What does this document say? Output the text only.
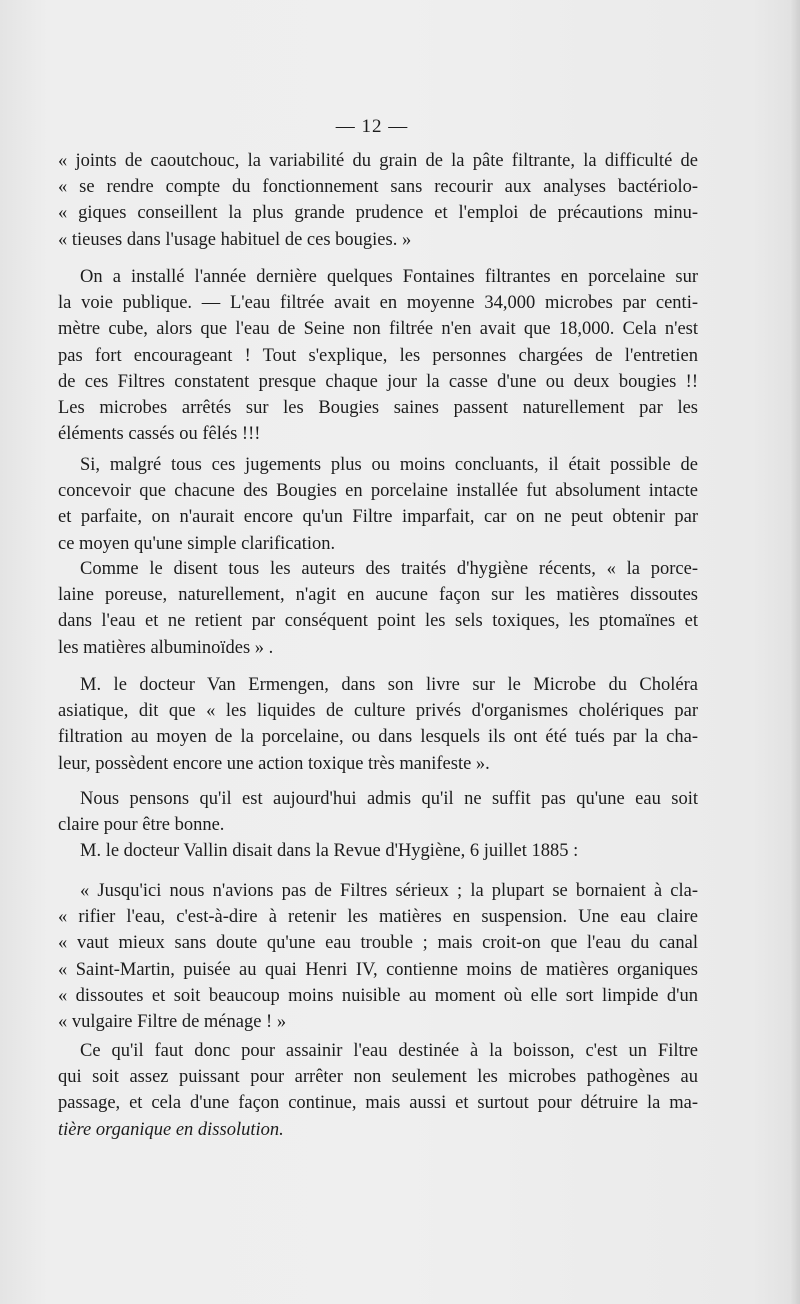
— 12 —
« joints de caoutchouc, la variabilité du grain de la pâte filtrante, la difficulté de
« se rendre compte du fonctionnement sans recourir aux analyses bactériolo-
« giques conseillent la plus grande prudence et l'emploi de précautions minu-
« tieuses dans l'usage habituel de ces bougies. »
On a installé l'année dernière quelques Fontaines filtrantes en porcelaine sur
la voie publique. — L'eau filtrée avait en moyenne 34,000 microbes par centi-
mètre cube, alors que l'eau de Seine non filtrée n'en avait que 18,000. Cela n'est
pas fort encourageant ! Tout s'explique, les personnes chargées de l'entretien
de ces Filtres constatent presque chaque jour la casse d'une ou deux bougies !!
Les microbes arrêtés sur les Bougies saines passent naturellement par les
éléments cassés ou fêlés !!!
Si, malgré tous ces jugements plus ou moins concluants, il était possible de
concevoir que chacune des Bougies en porcelaine installée fut absolument intacte
et parfaite, on n'aurait encore qu'un Filtre imparfait, car on ne peut obtenir par
ce moyen qu'une simple clarification.
Comme le disent tous les auteurs des traités d'hygiène récents, « la porce-
laine poreuse, naturellement, n'agit en aucune façon sur les matières dissoutes
dans l'eau et ne retient par conséquent point les sels toxiques, les ptomaïnes et
les matières albuminoïdes » .
M. le docteur Van Ermengen, dans son livre sur le Microbe du Choléra
asiatique, dit que « les liquides de culture privés d'organismes cholériques par
filtration au moyen de la porcelaine, ou dans lesquels ils ont été tués par la cha-
leur, possèdent encore une action toxique très manifeste ».
Nous pensons qu'il est aujourd'hui admis qu'il ne suffit pas qu'une eau soit
claire pour être bonne.
M. le docteur Vallin disait dans la Revue d'Hygiène, 6 juillet 1885 :
« Jusqu'ici nous n'avions pas de Filtres sérieux ; la plupart se bornaient à cla-
« rifier l'eau, c'est-à-dire à retenir les matières en suspension. Une eau claire
« vaut mieux sans doute qu'une eau trouble ; mais croit-on que l'eau du canal
« Saint-Martin, puisée au quai Henri IV, contienne moins de matières organiques
« dissoutes et soit beaucoup moins nuisible au moment où elle sort limpide d'un
« vulgaire Filtre de ménage ! »
Ce qu'il faut donc pour assainir l'eau destinée à la boisson, c'est un Filtre
qui soit assez puissant pour arrêter non seulement les microbes pathogènes au
passage, et cela d'une façon continue, mais aussi et surtout pour détruire la ma-
tière organique en dissolution.
